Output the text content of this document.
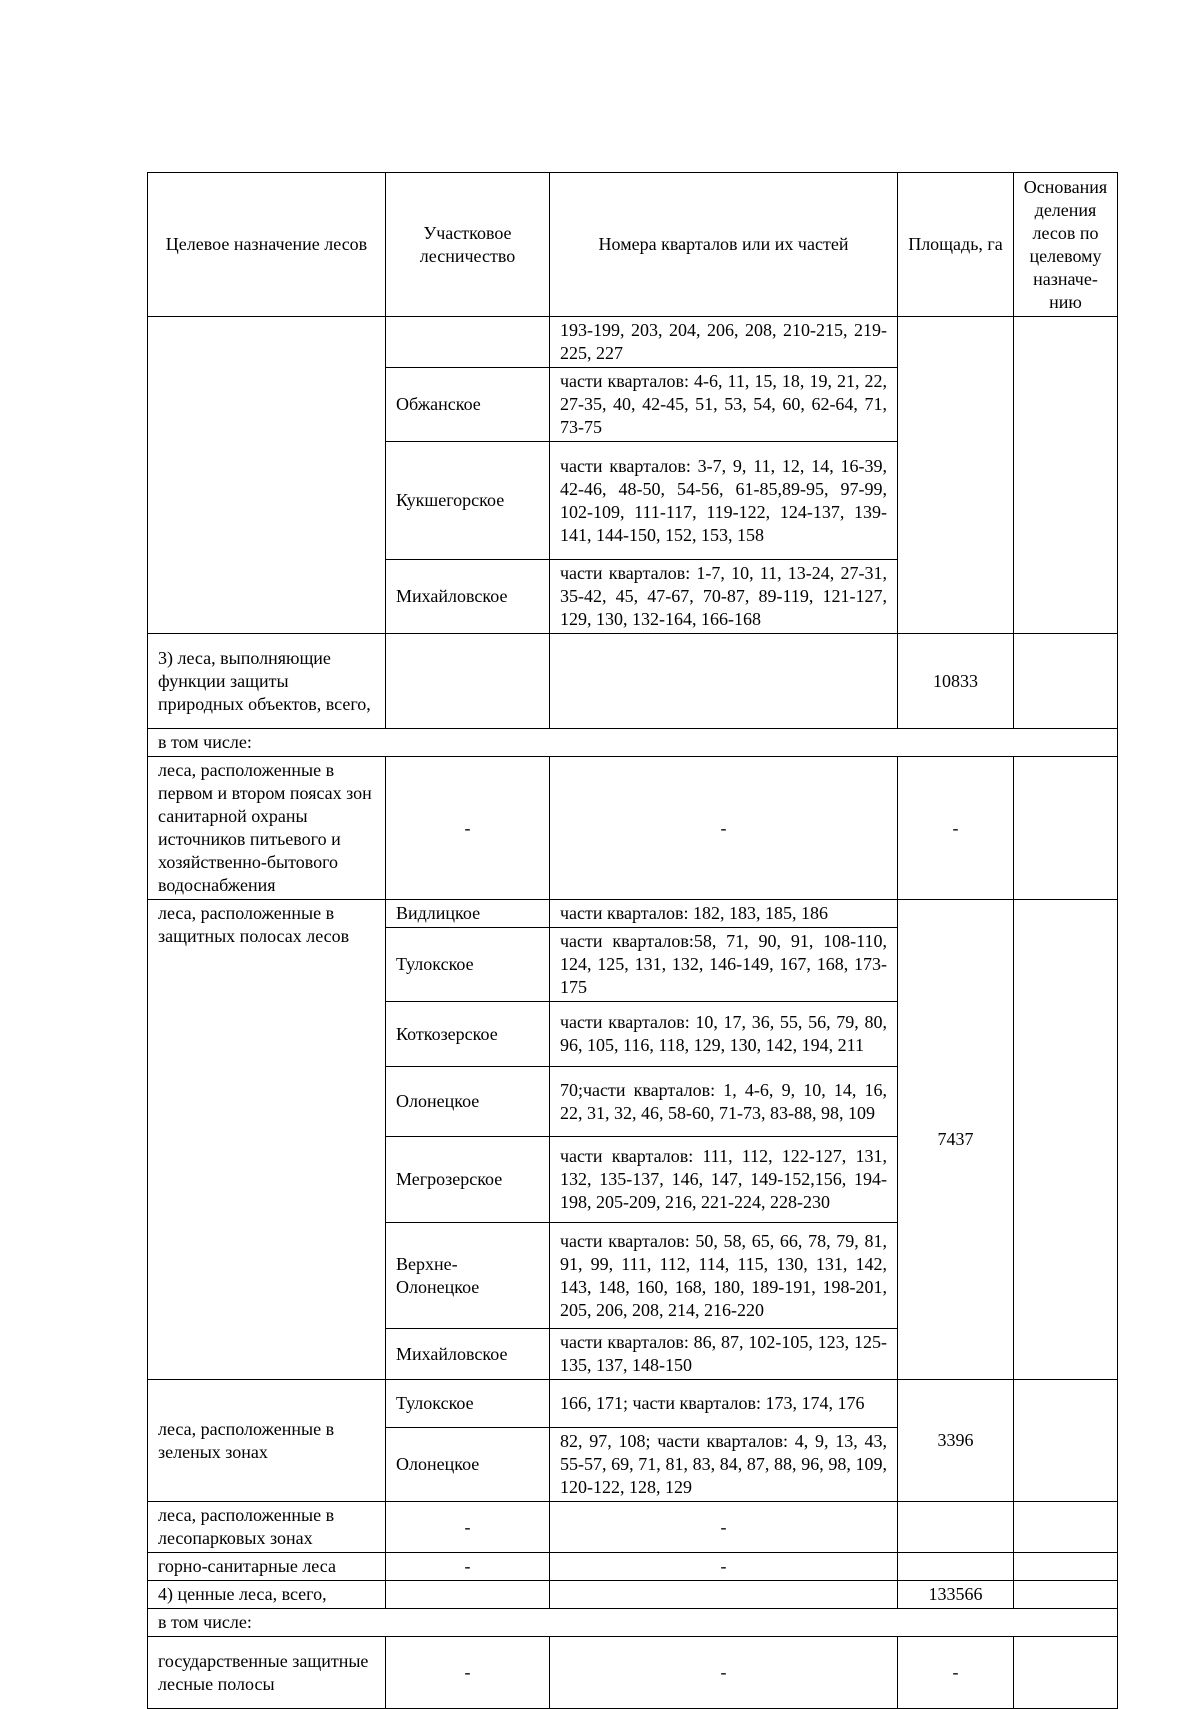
Целевое назначение лесов	Участковое лесничество	Номера кварталов или их частей	Площадь, га	Основания деления лесов по целевому назначе-нию
		193-199, 203, 204, 206, 208, 210-215, 219-225, 227		
	Обжанское	части кварталов: 4-6, 11, 15, 18, 19, 21, 22, 27-35, 40, 42-45, 51, 53, 54, 60, 62-64, 71, 73-75		
	Кукшегорское	части кварталов: 3-7, 9, 11, 12, 14, 16-39, 42-46, 48-50, 54-56, 61-85,89-95, 97-99, 102-109, 111-117, 119-122, 124-137, 139-141, 144-150, 152, 153, 158		
	Михайловское	части кварталов: 1-7, 10, 11, 13-24, 27-31, 35-42, 45, 47-67, 70-87, 89-119, 121-127, 129, 130, 132-164, 166-168		
3) леса, выполняющие функции защиты природных объектов, всего,			10833	
в том числе:				
леса, расположенные в первом и втором поясах зон санитарной охраны источников питьевого и хозяйственно-бытового водоснабжения	-	-	-	
леса, расположенные в защитных полосах лесов	Видлицкое	части кварталов: 182, 183, 185, 186	7437	
	Тулокское	части кварталов:58, 71, 90, 91, 108-110, 124, 125, 131, 132, 146-149, 167, 168, 173-175		
	Коткозерское	части кварталов: 10, 17, 36, 55, 56, 79, 80, 96, 105, 116, 118, 129, 130, 142, 194, 211		
	Олонецкое	70;части кварталов: 1, 4-6, 9, 10, 14, 16, 22, 31, 32, 46, 58-60, 71-73, 83-88, 98, 109		
	Мегрозерское	части кварталов: 111, 112, 122-127, 131, 132, 135-137, 146, 147, 149-152,156, 194-198, 205-209, 216, 221-224, 228-230		
	Верхне-Олонецкое	части кварталов: 50, 58, 65, 66, 78, 79, 81, 91, 99, 111, 112, 114, 115, 130, 131, 142, 143, 148, 160, 168, 180, 189-191, 198-201, 205, 206, 208, 214, 216-220		
	Михайловское	части кварталов: 86, 87, 102-105, 123, 125-135, 137, 148-150		
леса, расположенные в зеленых зонах	Тулокское	166, 171; части кварталов: 173, 174, 176	3396	
	Олонецкое	82, 97, 108; части кварталов: 4, 9, 13, 43, 55-57, 69, 71, 81, 83, 84, 87, 88, 96, 98, 109, 120-122, 128, 129		
леса, расположенные в лесопарковых зонах	-	-		
горно-санитарные леса	-	-		
4) ценные леса, всего,			133566	
в том числе:				
государственные защитные лесные полосы	-	-	-	
